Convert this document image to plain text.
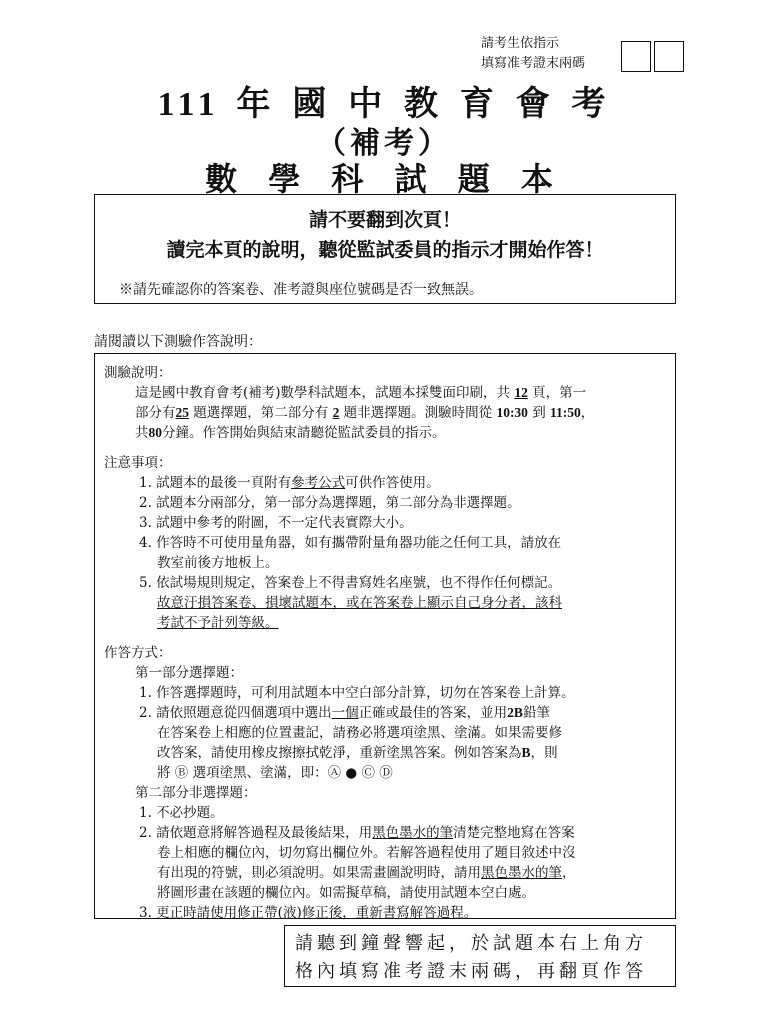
請考生依指示
填寫准考證末兩碼
111 年 國 中 教 育 會 考
（補考）
數 學 科 試 題 本
請不要翻到次頁！
讀完本頁的說明，聽從監試委員的指示才開始作答！
※請先確認你的答案卷、准考證與座位號碼是否一致無誤。
請閱讀以下測驗作答說明：
測驗說明：
這是國中教育會考(補考)數學科試題本，試題本採雙面印刷，共 12 頁，第一
部分有25 題選擇題，第二部分有 2 題非選擇題。測驗時間從 10:30 到 11:50，
共80分鐘。作答開始與結束請聽從監試委員的指示。
注意事項：
1. 試題本的最後一頁附有參考公式可供作答使用。
2. 試題本分兩部分，第一部分為選擇題，第二部分為非選擇題。
3. 試題中參考的附圖，不一定代表實際大小。
4. 作答時不可使用量角器，如有攜帶附量角器功能之任何工具，請放在
教室前後方地板上。
5. 依試場規則規定，答案卷上不得書寫姓名座號，也不得作任何標記。
故意汙損答案卷、損壞試題本，或在答案卷上顯示自己身分者，該科
考試不予計列等級。
作答方式：
第一部分選擇題：
1. 作答選擇題時，可利用試題本中空白部分計算，切勿在答案卷上計算。
2. 請依照題意從四個選項中選出一個正確或最佳的答案，並用2B鉛筆
在答案卷上相應的位置畫記，請務必將選項塗黑、塗滿。如果需要修
改答案，請使用橡皮擦擦拭乾淨，重新塗黑答案。例如答案為B，則
將 Ⓑ 選項塗黑、塗滿，即：Ⓐ ● Ⓒ Ⓓ
第二部分非選擇題：
1. 不必抄題。
2. 請依題意將解答過程及最後結果，用黑色墨水的筆清楚完整地寫在答案
卷上相應的欄位內，切勿寫出欄位外。若解答過程使用了題目敘述中沒
有出現的符號，則必須說明。如果需畫圖說明時，請用黑色墨水的筆，
將圖形畫在該題的欄位內。如需擬草稿，請使用試題本空白處。
3. 更正時請使用修正帶(液)修正後，重新書寫解答過程。
請聽到鐘聲響起，於試題本右上角方
格內填寫准考證末兩碼，再翻頁作答
